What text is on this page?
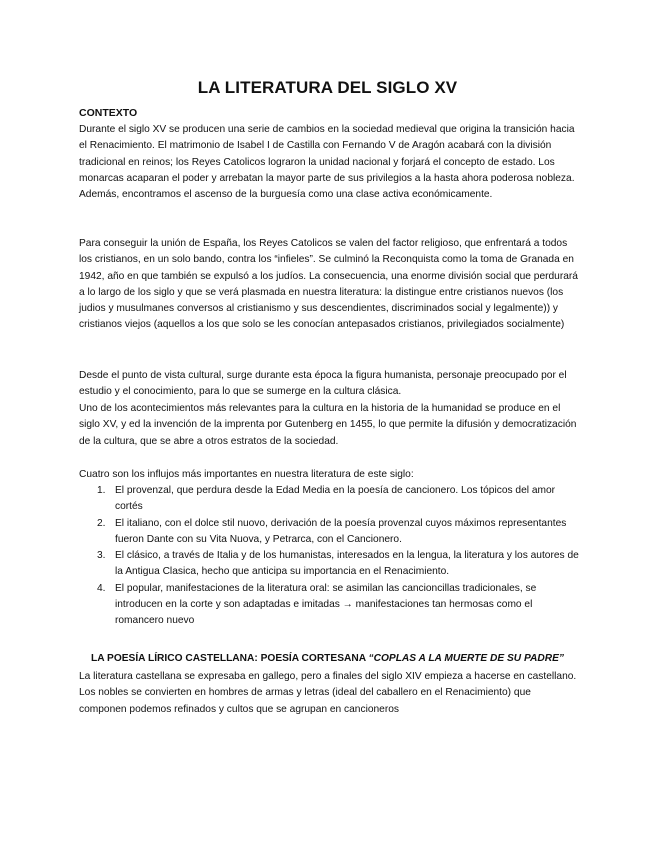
LA LITERATURA DEL SIGLO XV
CONTEXTO
Durante el siglo XV se producen una serie de cambios en la sociedad medieval que origina la transición hacia el Renacimiento. El matrimonio de Isabel I de Castilla con Fernando V de Aragón acabará con la división tradicional en reinos; los Reyes Catolicos lograron la unidad nacional y forjará el concepto de estado. Los monarcas acaparan el poder y arrebatan la mayor parte de sus privilegios a la hasta ahora poderosa nobleza. Además, encontramos el ascenso de la burguesía como una clase activa económicamente.
Para conseguir la unión de España, los Reyes Catolicos se valen del factor religioso, que enfrentará a todos los cristianos, en un solo bando, contra los “infieles”. Se culminó la Reconquista como la toma de Granada en 1942, año en que también se expulsó a los judíos. La consecuencia, una enorme división social que perdurará a lo largo de los siglo y que se verá plasmada en nuestra literatura: la distingue entre cristianos nuevos (los judios y musulmanes conversos al cristianismo y sus descendientes, discriminados social y legalmente)) y cristianos viejos (aquellos a los que solo se les conocían antepasados cristianos, privilegiados socialmente)
Desde el punto de vista cultural, surge durante esta época la figura humanista, personaje preocupado por el estudio y el conocimiento, para lo que se sumerge en la cultura clásica.
Uno de los acontecimientos más relevantes para la cultura en la historia de la humanidad se produce en el siglo XV, y ed la invención de la imprenta por Gutenberg en 1455, lo que permite la difusión y democratización de la cultura, que se abre a otros estratos de la sociedad.
Cuatro son los influjos más importantes en nuestra literatura de este siglo:
1. El provenzal, que perdura desde la Edad Media en la poesía de cancionero. Los tópicos del amor cortés
2. El italiano, con el dolce stil nuovo, derivación de la poesía provenzal cuyos máximos representantes fueron Dante con su Vita Nuova, y Petrarca, con el Cancionero.
3. El clásico, a través de Italia y de los humanistas, interesados en la lengua, la literatura y los autores de la Antigua Clasica, hecho que anticipa su importancia en el Renacimiento.
4. El popular, manifestaciones de la literatura oral: se asimilan las cancioncillas tradicionales, se introducen en la corte y son adaptadas e imitadas → manifestaciones tan hermosas como el romancero nuevo
LA POESÍA LÍRICO CASTELLANA: POESÍA CORTESANA “COPLAS A LA MUERTE DE SU PADRE”
La literatura castellana se expresaba en gallego, pero a finales del siglo XIV empieza a hacerse en castellano. Los nobles se convierten en hombres de armas y letras (ideal del caballero en el Renacimiento) que componen podemos refinados y cultos que se agrupan en cancioneros
